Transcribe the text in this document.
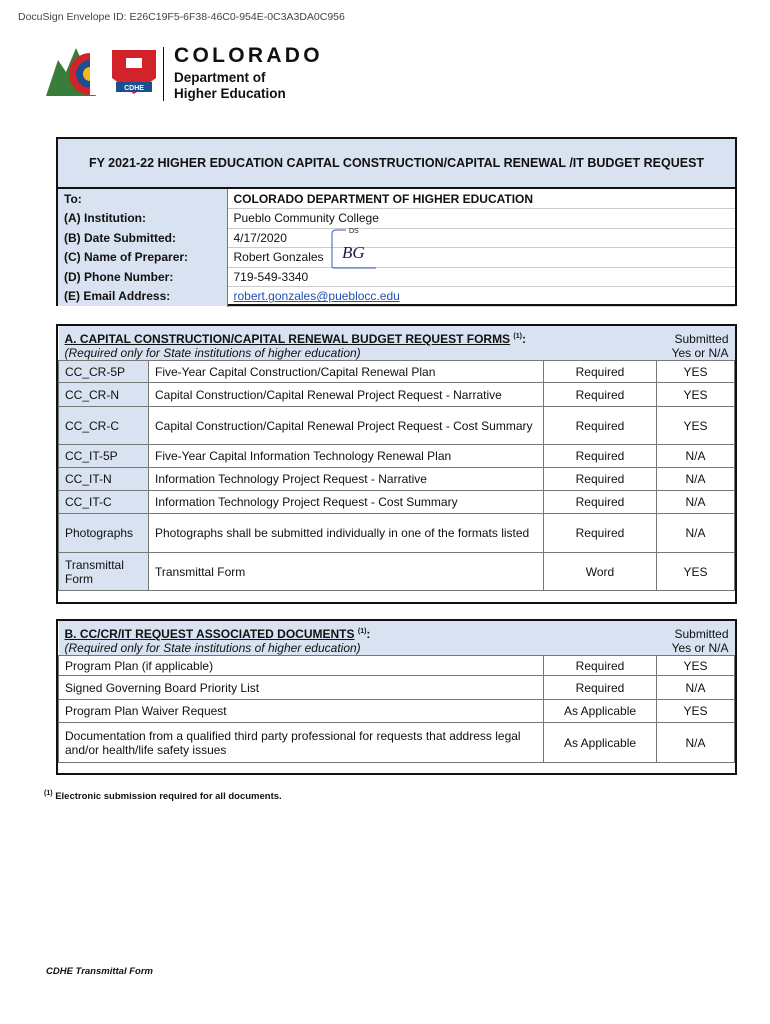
DocuSign Envelope ID: E26C19F5-6F38-46C0-954E-0C3A3DA0C956
CDHE
COLORADO
Department of
Higher Education
FY 2021-22 HIGHER EDUCATION CAPITAL CONSTRUCTION/CAPITAL RENEWAL /IT BUDGET REQUEST
To:	COLORADO DEPARTMENT OF HIGHER EDUCATION
(A) Institution:	Pueblo Community College
(B) Date Submitted:	4/17/2020
(C) Name of Preparer:	Robert Gonzales
(D) Phone Number:	719-549-3340
(E) Email Address:	robert.gonzales@pueblocc.edu
DS
BG
A. CAPITAL CONSTRUCTION/CAPITAL RENEWAL BUDGET REQUEST FORMS $^{(1)}$:
(Required only for State institutions of higher education)			Submitted
Yes or N/A
CC_CR-5P	Five-Year Capital Construction/Capital Renewal Plan	Required	YES
CC_CR-N	Capital Construction/Capital Renewal Project Request - Narrative	Required	YES
CC_CR-C	Capital Construction/Capital Renewal Project Request - Cost Summary	Required	YES
CC_IT-5P	Five-Year Capital Information Technology Renewal Plan	Required	N/A
CC_IT-N	Information Technology Project Request - Narrative	Required	N/A
CC_IT-C	Information Technology Project Request - Cost Summary	Required	N/A
Photographs	Photographs shall be submitted individually in one of the formats listed	Required	N/A
Transmittal Form	Transmittal Form	Word	YES
B. CC/CR/IT REQUEST ASSOCIATED DOCUMENTS $^{(1)}$:
(Required only for State institutions of higher education)		Submitted
Yes or N/A
Program Plan (if applicable)	Required	YES
Signed Governing Board Priority List	Required	N/A
Program Plan Waiver Request	As Applicable	YES
Documentation from a qualified third party professional for requests that address legal and/or health/life safety issues	As Applicable	N/A
$^{(1)}$ Electronic submission required for all documents.
CDHE Transmittal Form
